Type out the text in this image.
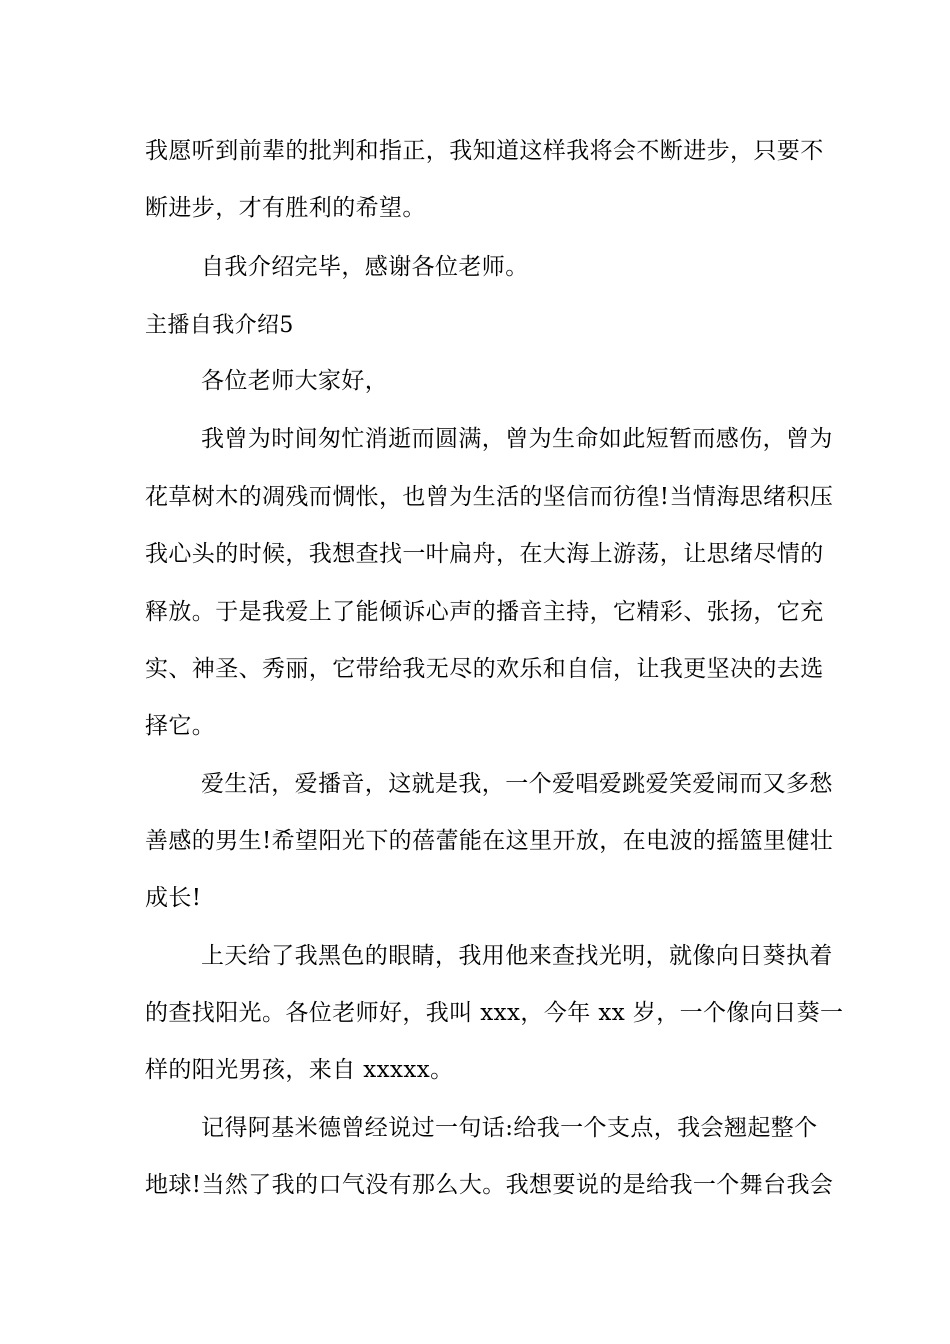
我愿听到前辈的批判和指正，我知道这样我将会不断进步，只要不
断进步，才有胜利的希望。
自我介绍完毕，感谢各位老师。
主播自我介绍5
各位老师大家好，
我曾为时间匆忙消逝而圆满，曾为生命如此短暂而感伤，曾为
花草树木的凋残而惆怅，也曾为生活的坚信而彷徨!当情海思绪积压
我心头的时候，我想查找一叶扁舟，在大海上游荡，让思绪尽情的
释放。于是我爱上了能倾诉心声的播音主持，它精彩、张扬，它充
实、神圣、秀丽，它带给我无尽的欢乐和自信，让我更坚决的去选
择它。
爱生活，爱播音，这就是我，一个爱唱爱跳爱笑爱闹而又多愁
善感的男生!希望阳光下的蓓蕾能在这里开放，在电波的摇篮里健壮
成长!
上天给了我黑色的眼睛，我用他来查找光明，就像向日葵执着
的查找阳光。各位老师好，我叫 xxx，今年 xx 岁，一个像向日葵一
样的阳光男孩，来自 xxxxx。
记得阿基米德曾经说过一句话:给我一个支点，我会翘起整个
地球!当然了我的口气没有那么大。我想要说的是给我一个舞台我会
